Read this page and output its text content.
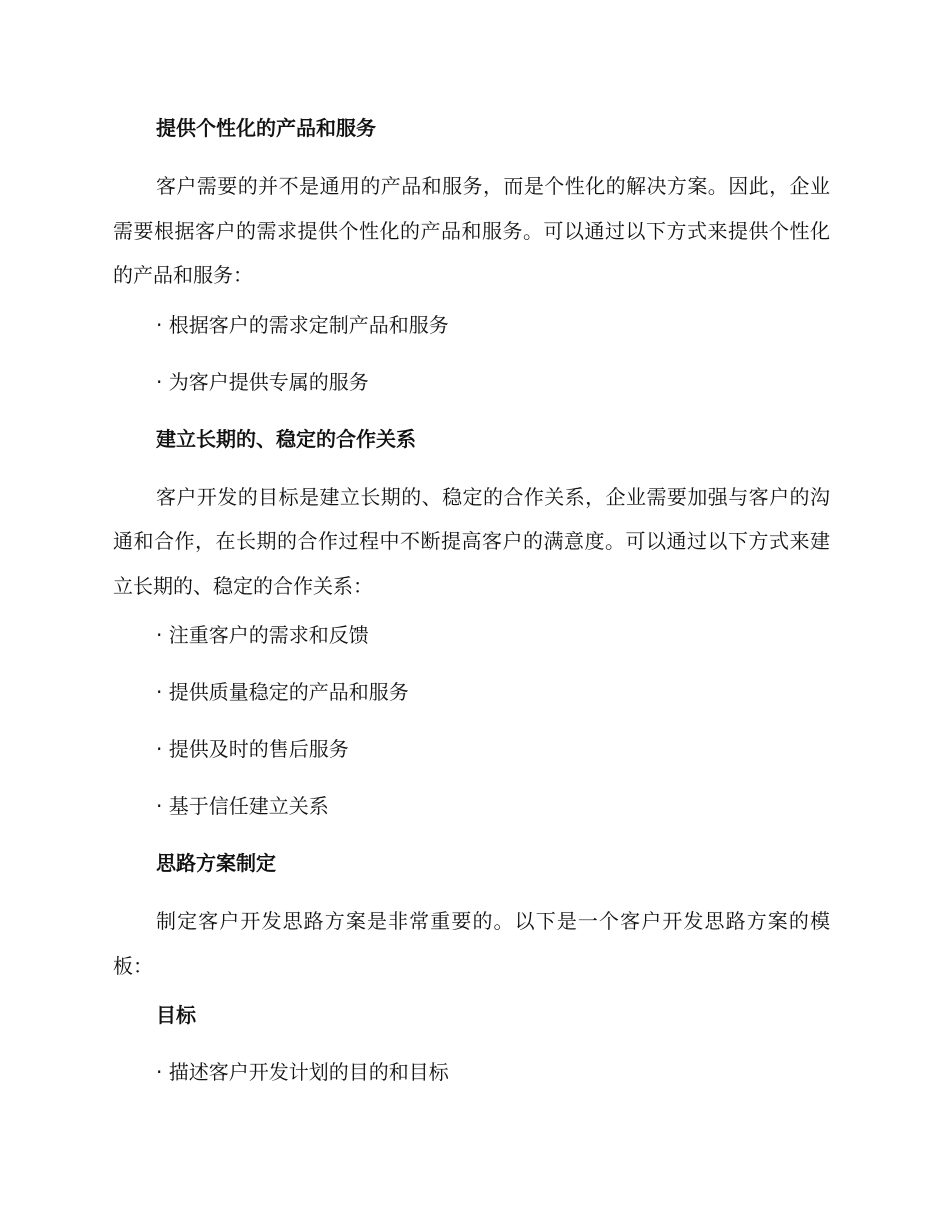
提供个性化的产品和服务

客户需要的并不是通用的产品和服务，而是个性化的解决方案。因此，企业需要根据客户的需求提供个性化的产品和服务。可以通过以下方式来提供个性化的产品和服务：

· 根据客户的需求定制产品和服务

· 为客户提供专属的服务

建立长期的、稳定的合作关系

客户开发的目标是建立长期的、稳定的合作关系，企业需要加强与客户的沟通和合作，在长期的合作过程中不断提高客户的满意度。可以通过以下方式来建立长期的、稳定的合作关系：

· 注重客户的需求和反馈

· 提供质量稳定的产品和服务

· 提供及时的售后服务

· 基于信任建立关系

思路方案制定

制定客户开发思路方案是非常重要的。以下是一个客户开发思路方案的模板：

目标

· 描述客户开发计划的目的和目标
